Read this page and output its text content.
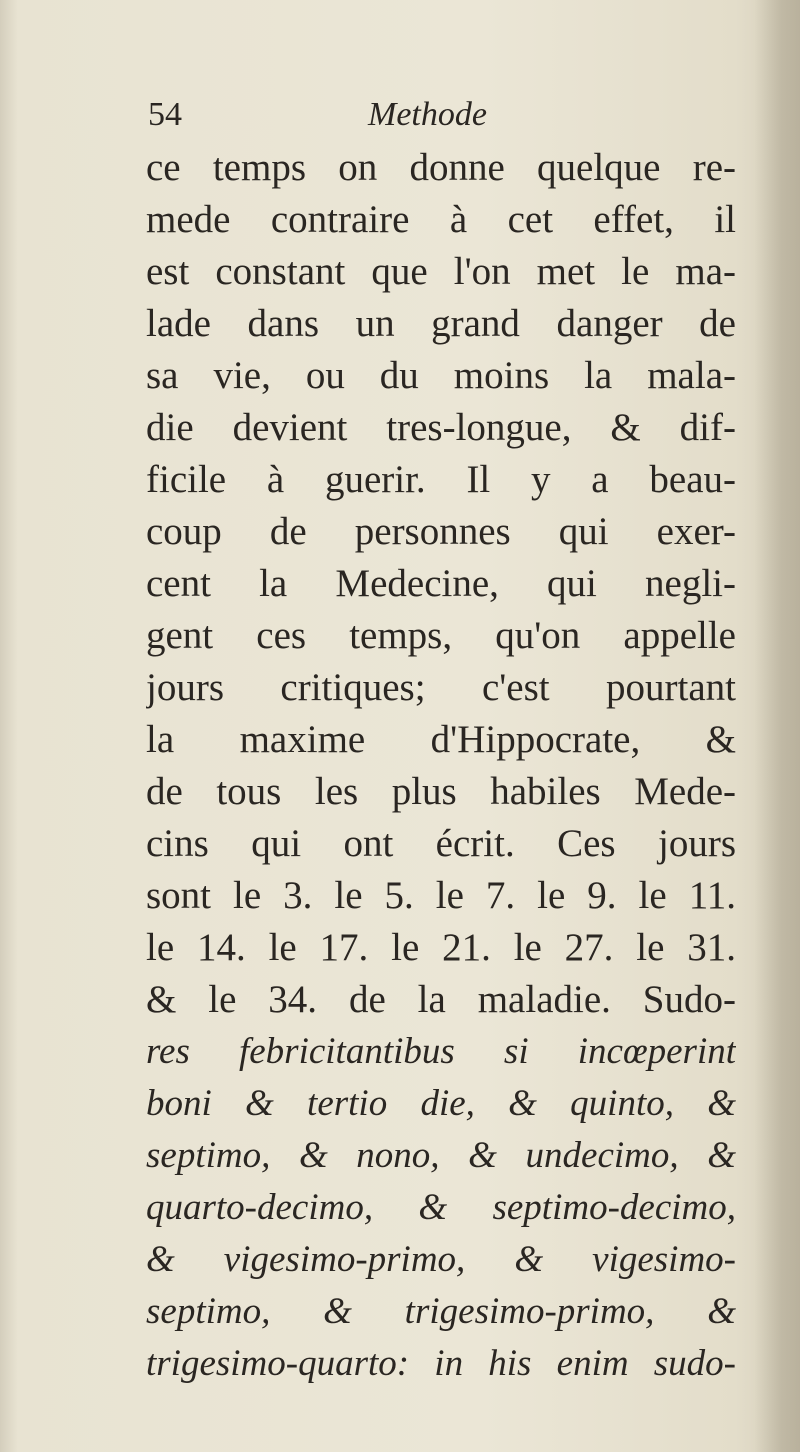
54	Methode
ce temps on donne quelque re-
mede contraire à cet effet, il
est constant que l'on met le ma-
lade dans un grand danger de
sa vie, ou du moins la mala-
die devient tres-longue, & dif-
ficile à guerir. Il y a beau-
coup de personnes qui exer-
cent la Medecine, qui negli-
gent ces temps, qu'on appelle
jours critiques; c'est pourtant
la maxime d'Hippocrate, &
de tous les plus habiles Mede-
cins qui ont écrit. Ces jours
sont le 3. le 5. le 7. le 9. le 11.
le 14. le 17. le 21. le 27. le 31.
& le 34. de la maladie. Sudo-
res febricitantibus si incœperint
boni & tertio die, & quinto, &
septimo, & nono, & undecimo, &
quarto-decimo, & septimo-decimo,
& vigesimo-primo, & vigesimo-
septimo, & trigesimo-primo, &
trigesimo-quarto: in his enim sudo-
